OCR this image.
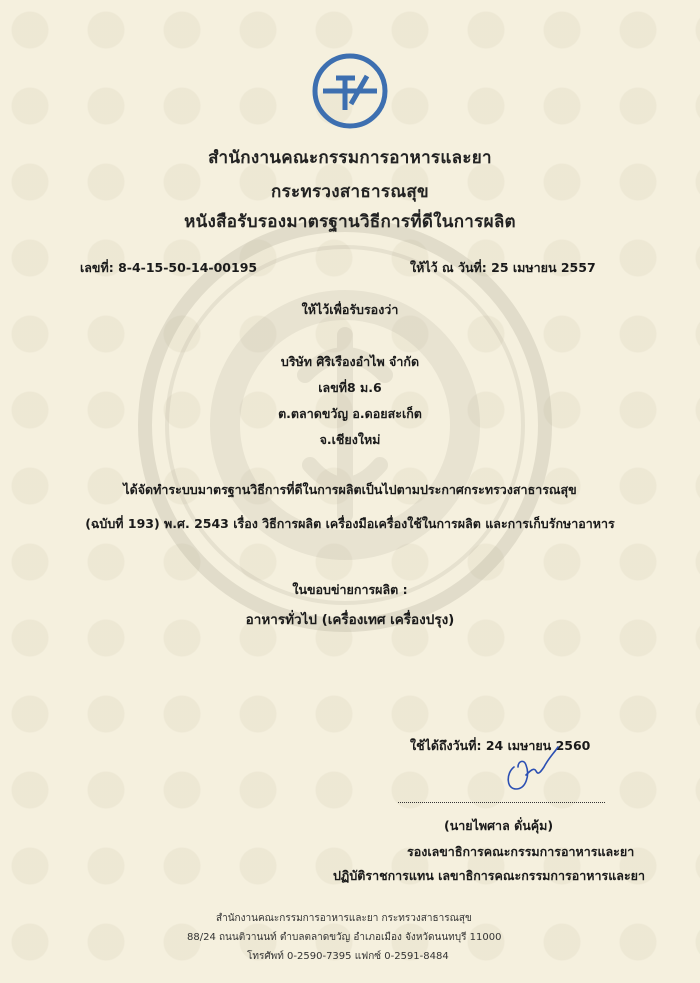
สำนักงานคณะกรรมการอาหารและยา
กระทรวงสาธารณสุข
หนังสือรับรองมาตรฐานวิธีการที่ดีในการผลิต
เลขที่: 8-4-15-50-14-00195	ให้ไว้ ณ วันที่: 25 เมษายน 2557
ให้ไว้เพื่อรับรองว่า
บริษัท ศิริเรืองอำไพ จำกัด
เลขที่8 ม.6
ต.ตลาดขวัญ อ.ดอยสะเก็ต
จ.เชียงใหม่
ได้จัดทำระบบมาตรฐานวิธีการที่ดีในการผลิตเป็นไปตามประกาศกระทรวงสาธารณสุข
(ฉบับที่ 193) พ.ศ. 2543 เรื่อง วิธีการผลิต เครื่องมือเครื่องใช้ในการผลิต และการเก็บรักษาอาหาร
ในขอบข่ายการผลิต :
อาหารทั่วไป (เครื่องเทศ เครื่องปรุง)
ใช้ได้ถึงวันที่: 24 เมษายน 2560
(นายไพศาล ดั่นคุ้ม)
รองเลขาธิการคณะกรรมการอาหารและยา
ปฏิบัติราชการแทน เลขาธิการคณะกรรมการอาหารและยา
สำนักงานคณะกรรมการอาหารและยา กระทรวงสาธารณสุข
88/24 ถนนติวานนท์ ตำบลตลาดขวัญ อำเภอเมือง จังหวัดนนทบุรี 11000
โทรศัพท์ 0-2590-7395 แฟกซ์ 0-2591-8484
